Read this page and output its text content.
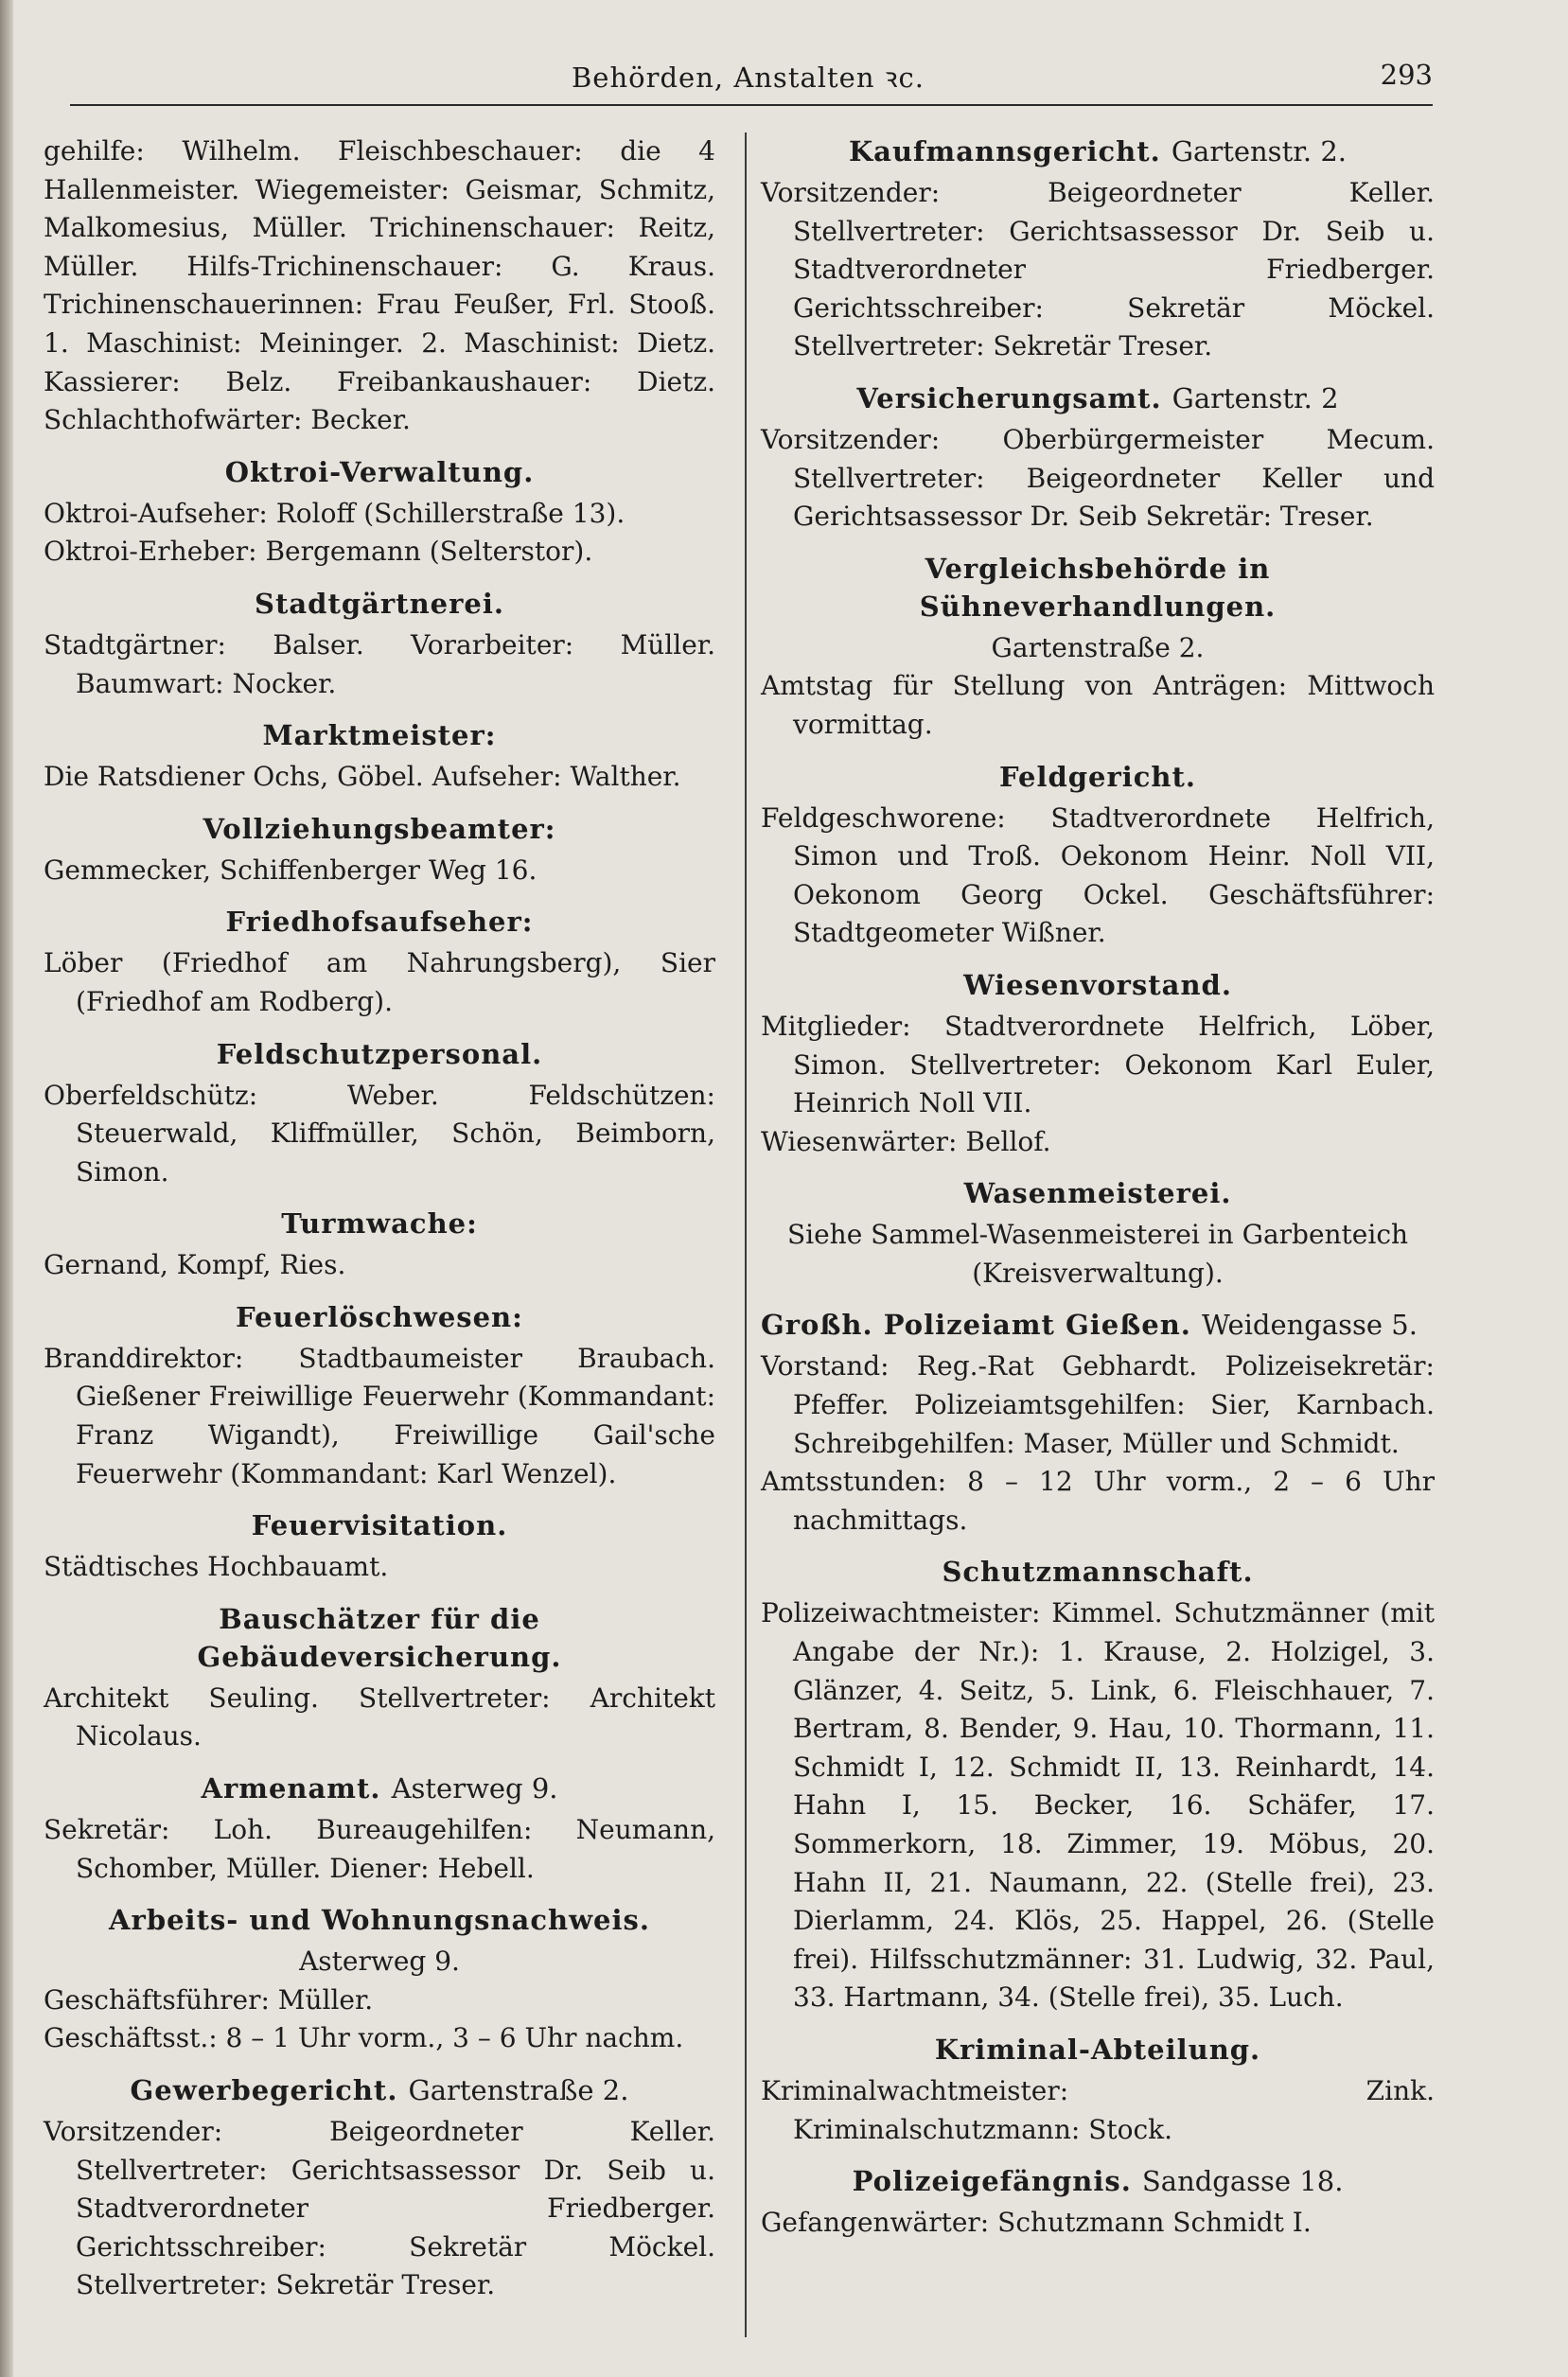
Behörden, Anstalten ꝛc.	293

gehilfe: Wilhelm. Fleischbeschauer: die 4 Hallenmeister. Wiegemeister: Geismar, Schmitz, Malkomesius, Müller. Trichinenschauer: Reitz, Müller. Hilfs-Trichinenschauer: G. Kraus. Trichinenschauerinnen: Frau Feußer, Frl. Stooß. 1. Maschinist: Meininger. 2. Maschinist: Dietz. Kassierer: Belz. Freibankaushauer: Dietz. Schlachthofwärter: Becker.

Oktroi-Verwaltung.

Oktroi-Aufseher: Roloff (Schillerstraße 13).

Oktroi-Erheber: Bergemann (Selterstor).

Stadtgärtnerei.

Stadtgärtner: Balser. Vorarbeiter: Müller. Baumwart: Nocker.

Marktmeister:

Die Ratsdiener Ochs, Göbel. Aufseher: Walther.

Vollziehungsbeamter:

Gemmecker, Schiffenberger Weg 16.

Friedhofsaufseher:

Löber (Friedhof am Nahrungsberg), Sier (Friedhof am Rodberg).

Feldschutzpersonal.

Oberfeldschütz: Weber. Feldschützen: Steuerwald, Kliffmüller, Schön, Beimborn, Simon.

Turmwache:

Gernand, Kompf, Ries.

Feuerlöschwesen:

Branddirektor: Stadtbaumeister Braubach. Gießener Freiwillige Feuerwehr (Kommandant: Franz Wigandt), Freiwillige Gail'sche Feuerwehr (Kommandant: Karl Wenzel).

Feuervisitation.

Städtisches Hochbauamt.

Bauschätzer für die Gebäudeversicherung.

Architekt Seuling. Stellvertreter: Architekt Nicolaus.

Armenamt. Asterweg 9.

Sekretär: Loh. Bureaugehilfen: Neumann, Schomber, Müller. Diener: Hebell.

Arbeits- und Wohnungsnachweis.

Asterweg 9.

Geschäftsführer: Müller.

Geschäftsst.: 8 – 1 Uhr vorm., 3 – 6 Uhr nachm.

Gewerbegericht. Gartenstraße 2.

Vorsitzender: Beigeordneter Keller. Stellvertreter: Gerichtsassessor Dr. Seib u. Stadtverordneter Friedberger. Gerichtsschreiber: Sekretär Möckel. Stellvertreter: Sekretär Treser.

Kaufmannsgericht. Gartenstr. 2.

Vorsitzender: Beigeordneter Keller. Stellvertreter: Gerichtsassessor Dr. Seib u. Stadtverordneter Friedberger. Gerichtsschreiber: Sekretär Möckel. Stellvertreter: Sekretär Treser.

Versicherungsamt. Gartenstr. 2

Vorsitzender: Oberbürgermeister Mecum. Stellvertreter: Beigeordneter Keller und Gerichtsassessor Dr. Seib Sekretär: Treser.

Vergleichsbehörde in Sühneverhandlungen.

Gartenstraße 2.

Amtstag für Stellung von Anträgen: Mittwoch vormittag.

Feldgericht.

Feldgeschworene: Stadtverordnete Helfrich, Simon und Troß. Oekonom Heinr. Noll VII, Oekonom Georg Ockel. Geschäftsführer: Stadtgeometer Wißner.

Wiesenvorstand.

Mitglieder: Stadtverordnete Helfrich, Löber, Simon. Stellvertreter: Oekonom Karl Euler, Heinrich Noll VII.

Wiesenwärter: Bellof.

Wasenmeisterei.

Siehe Sammel-Wasenmeisterei in Garbenteich (Kreisverwaltung).

Großh. Polizeiamt Gießen. Weidengasse 5.

Vorstand: Reg.-Rat Gebhardt. Polizeisekretär: Pfeffer. Polizeiamtsgehilfen: Sier, Karnbach. Schreibgehilfen: Maser, Müller und Schmidt.

Amtsstunden: 8 – 12 Uhr vorm., 2 – 6 Uhr nachmittags.

Schutzmannschaft.

Polizeiwachtmeister: Kimmel. Schutzmänner (mit Angabe der Nr.): 1. Krause, 2. Holzigel, 3. Glänzer, 4. Seitz, 5. Link, 6. Fleischhauer, 7. Bertram, 8. Bender, 9. Hau, 10. Thormann, 11. Schmidt I, 12. Schmidt II, 13. Reinhardt, 14. Hahn I, 15. Becker, 16. Schäfer, 17. Sommerkorn, 18. Zimmer, 19. Möbus, 20. Hahn II, 21. Naumann, 22. (Stelle frei), 23. Dierlamm, 24. Klös, 25. Happel, 26. (Stelle frei). Hilfsschutzmänner: 31. Ludwig, 32. Paul, 33. Hartmann, 34. (Stelle frei), 35. Luch.

Kriminal-Abteilung.

Kriminalwachtmeister: Zink. Kriminalschutzmann: Stock.

Polizeigefängnis. Sandgasse 18.

Gefangenwärter: Schutzmann Schmidt I.
